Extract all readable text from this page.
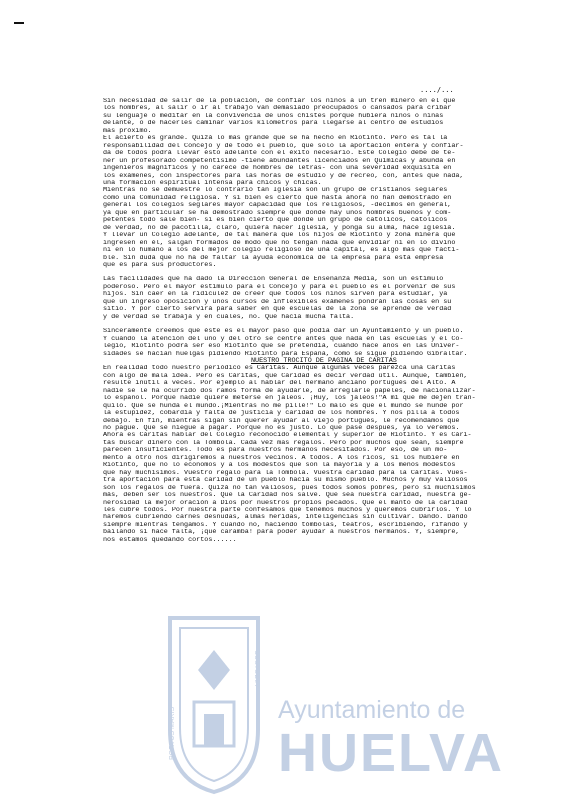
..../...
Sin necesidad de salir de la población, de confiar los niños a un tren minero en el que
los hombres, al salir o ir al trabajo van demasiado preocupados o cansados para cribar
su lenguaje o meditar en la convivencia de unos chistes porque hubiera niños o niñas
delante, o de hacerles caminar varios kilómetros para llegarse al centro de estudios
mas próximo.
El acierto es grande. Quizá lo mas grande que se ha hecho en Riotinto. Pero es tal la
responsabilidad del Concejo y de todo el pueblo, que solo la aportación entera y confiar-
da de todos podrá llevar ésto adelante con el éxito necesario. Este Colegio debe de te-
ner un profesorado competentísimo -tiene abundantes licenciados en Químicas y abunda en
ingenieros magníficos y no carece de hombres de letras- con una severidad exquisita en
los exámenes, con inspectores para las horas de estudio y de recreo, con, antes que nada,
una formación espiritual intensa para chicos y chicas.
Mientras no se demuestre lo contrario tan Iglesia son un grupo de cristianos seglares
como una Comunidad religiosa. Y si bien es cierto que hasta ahora no han demostrado en
general los colegios seglares mayor capacidad que los religiosos, -decimos en general,
ya que en particular se ha demostrado siempre que donde hay unos hombres buenos y com-
petentes todo sale bien- si es bien cierto que donde un grupo de católicos, católicos
de verdad, no de pacotilla, claro, quiera hacer Iglesia, y ponga su alma, hace Iglesia.
Y llevar un Colegio adelante, de tal manera que los hijos de Riotinto y zona minera que
ingresen en él, salgan formados de modo que no tengan nada que envidiar ni en lo divino
ni en lo humano a los del mejor colegio religioso de una capital, es algo mas que facti-
ble. Sin duda que no ha de faltar la ayuda económica de la empresa para esta empresa
que es para sus productores.
Las facilidades que ha dado la Dirección General de Enseñanza Media, son un estímulo
poderoso. Pero el mayor estímulo para el Concejo y para el pueblo es el porvenir de sus
hijos. Sin caer en la ridiculez de creer que todos los niños sirven para estudiar, ya
que un ingreso oposición y unos cursos de inflexibles exámenes pondrán las cosas en su
sitio. Y por cierto servirá para saber en qué escuelas de la zona se aprende de verdad
y de verdad se trabaja y en cuáles, no. Que hacía mucha falta.
Sinceramente creemos que éste es el mayor paso que podía dar un Ayuntamiento y un pueblo.
Y cuando la atención del uno y del otro se centre antes que nada en las escuelas y el Co-
legio, Riotinto podrá ser eso Riotinto que se pretendía, cuando hace años en las Univer-
sidades se hacían huelgas pidiendo Riotinto para España, como se sigue pidiendo Gibraltar.
NUESTRO TROCITO DE PAGINA DE CARITAS
En realidad todo nuestro periódico es Cáritas. Aunque algunas veces parezca una Cáritas
con algo de mala idea. Pero es Cáritas, que Caridad es decir verdad útil. Aunque, también,
resulte inútil a veces. Por ejemplo al hablar del hermano anciano portugués del Alto. A
nadie se le ha ocurrido dos ramos forma de ayudarle, de arreglarle papeles, de nacionalizar-
lo español. Porque nadie quiere meterse en jaleos. ¡Huy, los jaleos!"A mí que me dejen tran-
quilo. Que se hunda el mundo.¡Mientras no me pille!" Lo malo es que el mundo se hunde por
la estupidez, cobardía y falta de justicia y caridad de los hombres. Y nos pilla a todos
debajo. En fin, mientras sigan sin querer ayudar al viejo portugués, le recomendamos que
no pague. Que se niegue a pagar. Porque no es justo. Lo que pase después, ya lo veremos.
Ahora es Cáritas hablar del Colegio reconocido elemental y superior de Riotinto. Y es Cári-
tas buscar dinero con la Tómbola. Cada vez mas regalos. Pero por muchos que sean, siempre
parecen insuficientes. Todo es para nuestros hermanos necesitados. Por eso, de un mo-
mento a otro nos dirigiremos a nuestros vecinos. A todos. A los ricos, si los hubiere en
Riotinto, que no lo economos y a los modestos que son la mayoría y a los menos modestos
que hay muchísimos. Vuestro regalo para la Tómbola. Vuestra caridad para la Cáritas. Vues-
tra aportación para esta caridad de un pueblo hacia su mismo pueblo. Muchos y muy valiosos
son los regalos de fuera. Quizá no tan valiosos, pues todos somos pobres, pero sí muchísimos
más, deben ser los nuestros. Que la Caridad nos salve. Que sea nuestra caridad, nuestra ge-
nerosidad la mejor oración a Dios por nuestros propios pecados. Que el manto de la caridad
les cubre todos. Por nuestra parte confesamos que tenemos muchos y queremos cubrirlos. Y lo
haremos cubriendo carnes desnudas, almas heridas, inteligencias sin cultivar. Dando. Dando
siempre mientras tengamos. Y cuando no, haciendo tómbolas, teatros, escribiendo, rifando y
bailando si hace falta, ¡qué caramba! para poder ayudar a nuestros hermanos. Y, siempre,
nos estamos quedando cortos......
PORTUS MARIS
CUSTODIA
Ayuntamiento de
HUELVA
